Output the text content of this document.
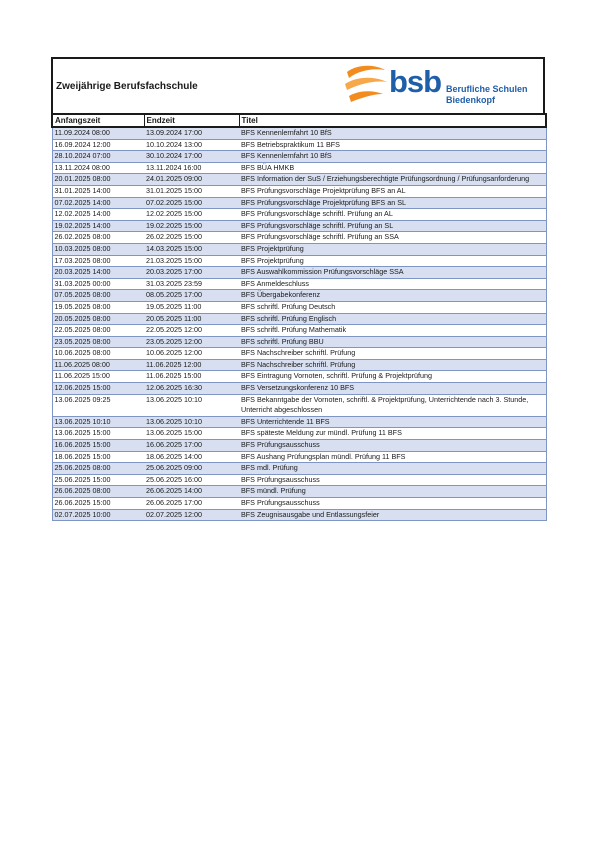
Zweijährige Berufsfachschule	bsb Berufliche Schulen
Biedenkopf
Anfangszeit	Endzeit	Titel
11.09.2024 08:00	13.09.2024 17:00	BFS Kennenlernfahrt 10 BfS
16.09.2024 12:00	10.10.2024 13:00	BFS Betriebspraktikum 11 BFS
28.10.2024 07:00	30.10.2024 17:00	BFS Kennenlernfahrt 10 BfS
13.11.2024 08:00	13.11.2024 16:00	BFS BÜA HMKB
20.01.2025 08:00	24.01.2025 09:00	BFS Information der SuS / Erziehungsberechtigte Prüfungsordnung / Prüfungsanforderung
31.01.2025 14:00	31.01.2025 15:00	BFS Prüfungsvorschläge Projektprüfung BFS an AL
07.02.2025 14:00	07.02.2025 15:00	BFS Prüfungsvorschläge Projektprüfung BFS an SL
12.02.2025 14:00	12.02.2025 15:00	BFS Prüfungsvorschläge schriftl. Prüfung an AL
19.02.2025 14:00	19.02.2025 15:00	BFS Prüfungsvorschläge schriftl. Prüfung an SL
26.02.2025 08:00	26.02.2025 15:00	BFS Prüfungsvorschläge schriftl. Prüfung an SSA
10.03.2025 08:00	14.03.2025 15:00	BFS Projektprüfung
17.03.2025 08:00	21.03.2025 15:00	BFS Projektprüfung
20.03.2025 14:00	20.03.2025 17:00	BFS Auswahlkommission Prüfungsvorschläge SSA
31.03.2025 00:00	31.03.2025 23:59	BFS Anmeldeschluss
07.05.2025 08:00	08.05.2025 17:00	BFS Übergabekonferenz
19.05.2025 08:00	19.05.2025 11:00	BFS schriftl. Prüfung Deutsch
20.05.2025 08:00	20.05.2025 11:00	BFS schriftl. Prüfung Englisch
22.05.2025 08:00	22.05.2025 12:00	BFS schriftl. Prüfung Mathematik
23.05.2025 08:00	23.05.2025 12:00	BFS schriftl. Prüfung BBU
10.06.2025 08:00	10.06.2025 12:00	BFS Nachschreiber schriftl. Prüfung
11.06.2025 08:00	11.06.2025 12:00	BFS Nachschreiber schriftl. Prüfung
11.06.2025 15:00	11.06.2025 15:00	BFS Eintragung Vornoten, schriftl. Prüfung & Projektprüfung
12.06.2025 15:00	12.06.2025 16:30	BFS Versetzungskonferenz 10 BFS
13.06.2025 09:25	13.06.2025 10:10	BFS Bekanntgabe der Vornoten, schriftl. & Projektprüfung, Unterrichtende nach 3. Stunde, Unterricht abgeschlossen
13.06.2025 10:10	13.06.2025 10:10	BFS Unterrichtende 11 BFS
13.06.2025 15:00	13.06.2025 15:00	BFS späteste Meldung zur mündl. Prüfung 11 BFS
16.06.2025 15:00	16.06.2025 17:00	BFS Prüfungsausschuss
18.06.2025 15:00	18.06.2025 14:00	BFS Aushang Prüfungsplan mündl. Prüfung 11 BFS
25.06.2025 08:00	25.06.2025 09:00	BFS mdl. Prüfung
25.06.2025 15:00	25.06.2025 16:00	BFS Prüfungsausschuss
26.06.2025 08:00	26.06.2025 14:00	BFS mündl. Prüfung
26.06.2025 15:00	26.06.2025 17:00	BFS Prüfungsausschuss
02.07.2025 10:00	02.07.2025 12:00	BFS Zeugnisausgabe und Entlassungsfeier
